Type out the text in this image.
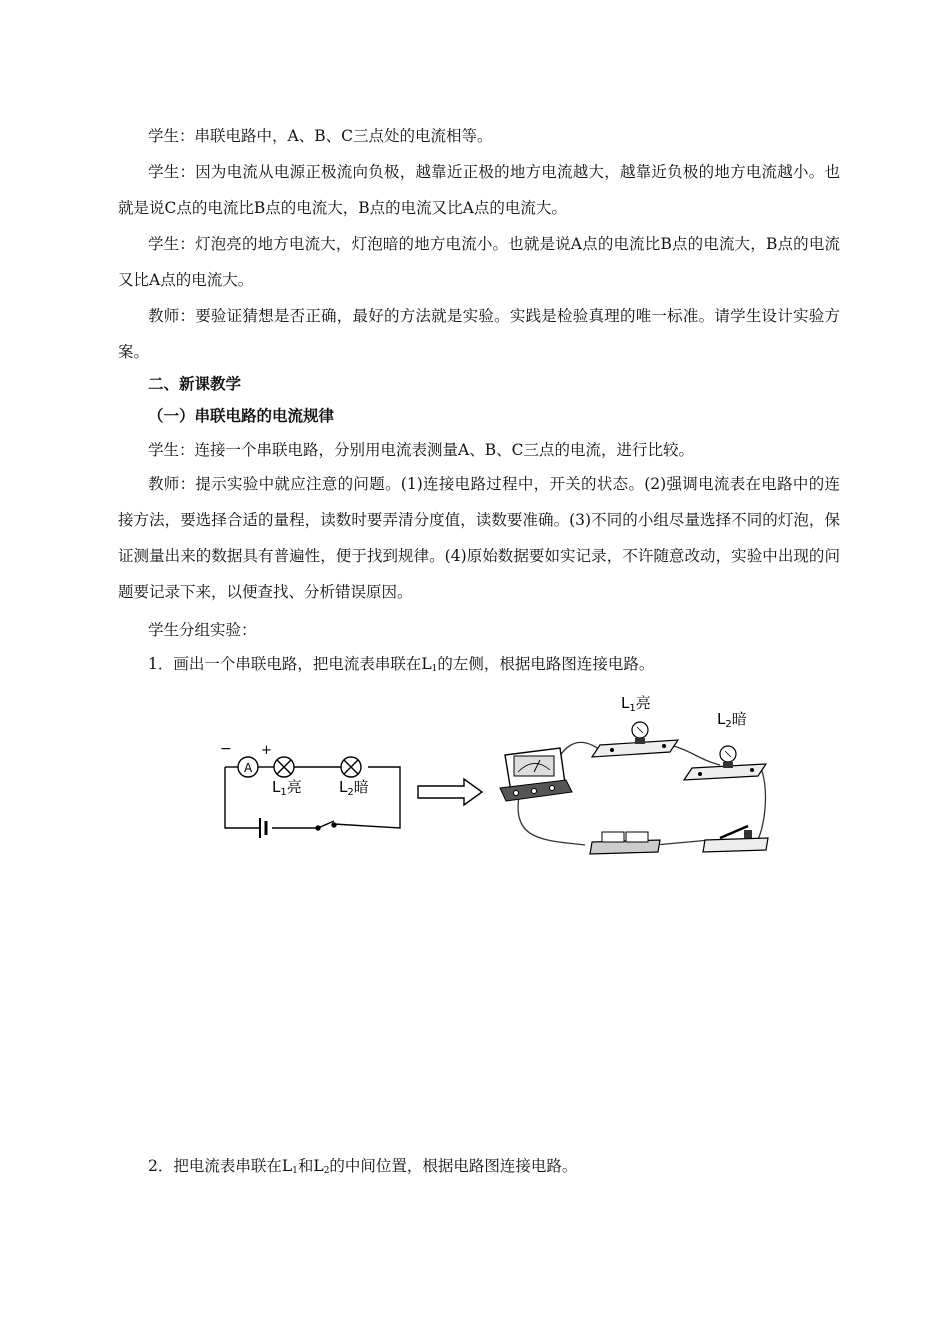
学生：串联电路中，A、B、C三点处的电流相等。
学生：因为电流从电源正极流向负极，越靠近正极的地方电流越大，越靠近负极的地方电流越小。也就是说C点的电流比B点的电流大，B点的电流又比A点的电流大。
学生：灯泡亮的地方电流大，灯泡暗的地方电流小。也就是说A点的电流比B点的电流大，B点的电流又比A点的电流大。
教师：要验证猜想是否正确，最好的方法就是实验。实践是检验真理的唯一标准。请学生设计实验方案。
二、新课教学
（一）串联电路的电流规律
学生：连接一个串联电路，分别用电流表测量A、B、C三点的电流，进行比较。
教师：提示实验中就应注意的问题。(1)连接电路过程中，开关的状态。(2)强调电流表在电路中的连接方法，要选择合适的量程，读数时要弄清分度值，读数要准确。(3)不同的小组尽量选择不同的灯泡，保证测量出来的数据具有普遍性，便于找到规律。(4)原始数据要如实记录，不许随意改动，实验中出现的问题要记录下来，以便查找、分析错误原因。
学生分组实验：
1．画出一个串联电路，把电流表串联在$L_1$的左侧，根据电路图连接电路。
A
− +
$L_1$亮 $L_2$暗
$L_1$亮
$L_2$暗
2．把电流表串联在$L_1$和$L_2$的中间位置，根据电路图连接电路。
